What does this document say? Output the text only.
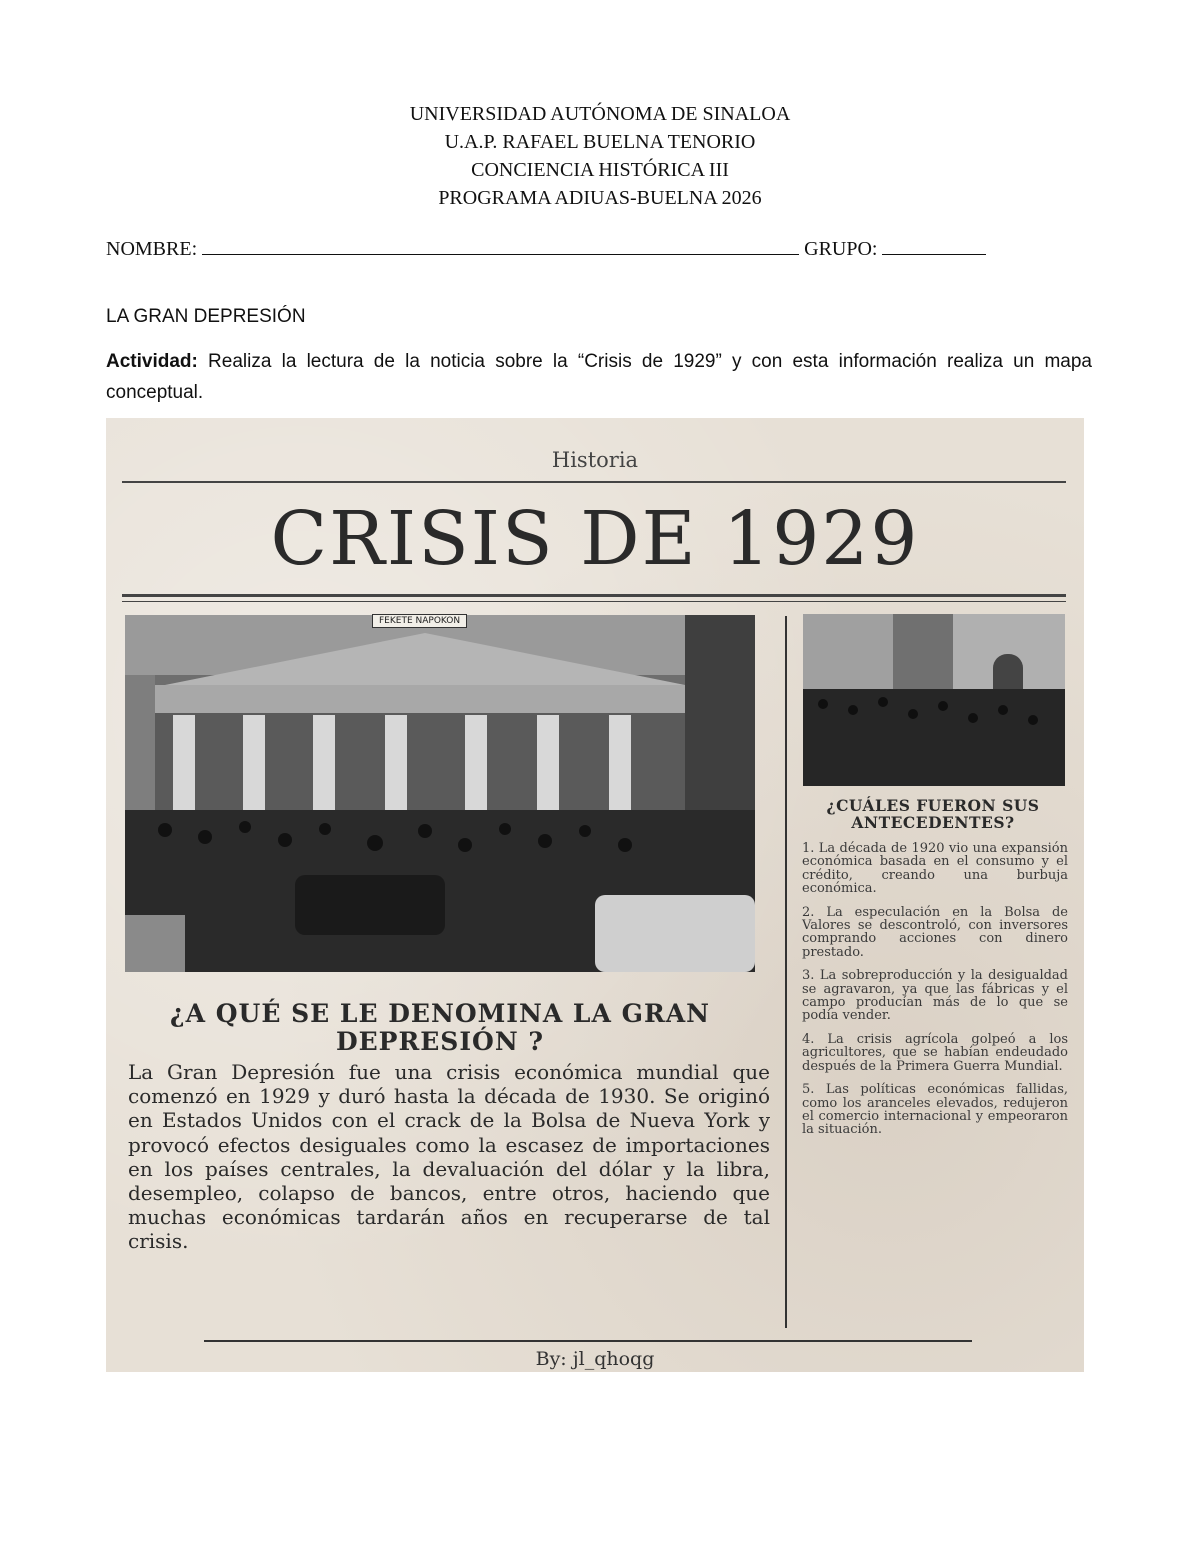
UNIVERSIDAD AUTÓNOMA DE SINALOA
U.A.P. RAFAEL BUELNA TENORIO
CONCIENCIA HISTÓRICA III
PROGRAMA ADIUAS-BUELNA 2026
NOMBRE:	GRUPO:
LA GRAN DEPRESIÓN
Actividad: Realiza la lectura de la noticia sobre la “Crisis de 1929” y con esta información realiza un mapa conceptual.
Historia
CRISIS DE 1929
FEKETE NAPOKON
¿A QUÉ SE LE DENOMINA LA GRAN DEPRESIÓN ?
La Gran Depresión fue una crisis económica mundial que comenzó en 1929 y duró hasta la década de 1930. Se originó en Estados Unidos con el crack de la Bolsa de Nueva York y provocó efectos desiguales como la escasez de importaciones en los países centrales, la devaluación del dólar y la libra, desempleo, colapso de bancos, entre otros, haciendo que muchas económicas tardarán años en recuperarse de tal crisis.
¿CUÁLES FUERON SUS ANTECEDENTES?

1. La década de 1920 vio una expansión económica basada en el consumo y el crédito, creando una burbuja económica.

2. La especulación en la Bolsa de Valores se descontroló, con inversores comprando acciones con dinero prestado.

3. La sobreproducción y la desigualdad se agravaron, ya que las fábricas y el campo producían más de lo que se podía vender.

4. La crisis agrícola golpeó a los agricultores, que se habían endeudado después de la Primera Guerra Mundial.

5. Las políticas económicas fallidas, como los aranceles elevados, redujeron el comercio internacional y empeoraron la situación.

By: jl_qhoqg
